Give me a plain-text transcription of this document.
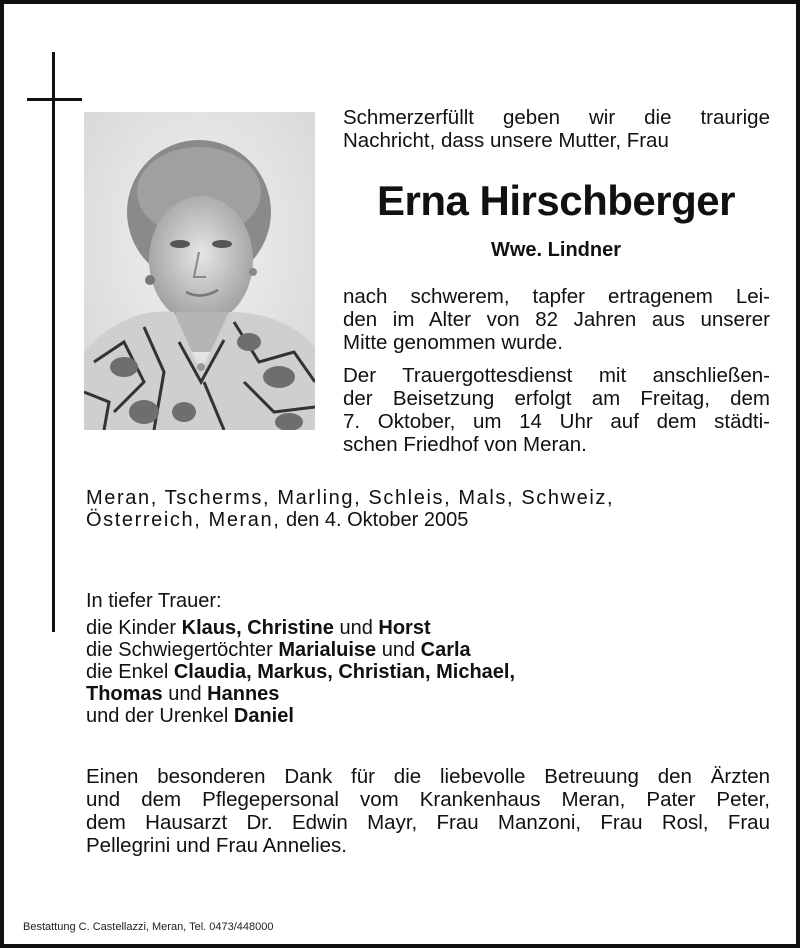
Schmerzerfüllt geben wir die traurige
Nachricht, dass unsere Mutter, Frau
Erna Hirschberger
Wwe. Lindner
nach schwerem, tapfer ertragenem Lei-
den im Alter von 82 Jahren aus unserer
Mitte genommen wurde.
Der Trauergottesdienst mit anschließen-
der Beisetzung erfolgt am Freitag, dem
7. Oktober, um 14 Uhr auf dem städti-
schen Friedhof von Meran.
Meran, Tscherms, Marling, Schleis, Mals, Schweiz,
Österreich, Meran, den 4. Oktober 2005
In tiefer Trauer:
die Kinder Klaus, Christine und Horst
die Schwiegertöchter Marialuise und Carla
die Enkel Claudia, Markus, Christian, Michael,
Thomas und Hannes
und der Urenkel Daniel
Einen besonderen Dank für die liebevolle Betreuung den Ärzten
und dem Pflegepersonal vom Krankenhaus Meran, Pater Peter,
dem Hausarzt Dr. Edwin Mayr, Frau Manzoni, Frau Rosl, Frau
Pellegrini und Frau Annelies.
Bestattung C. Castellazzi, Meran, Tel. 0473/448000
